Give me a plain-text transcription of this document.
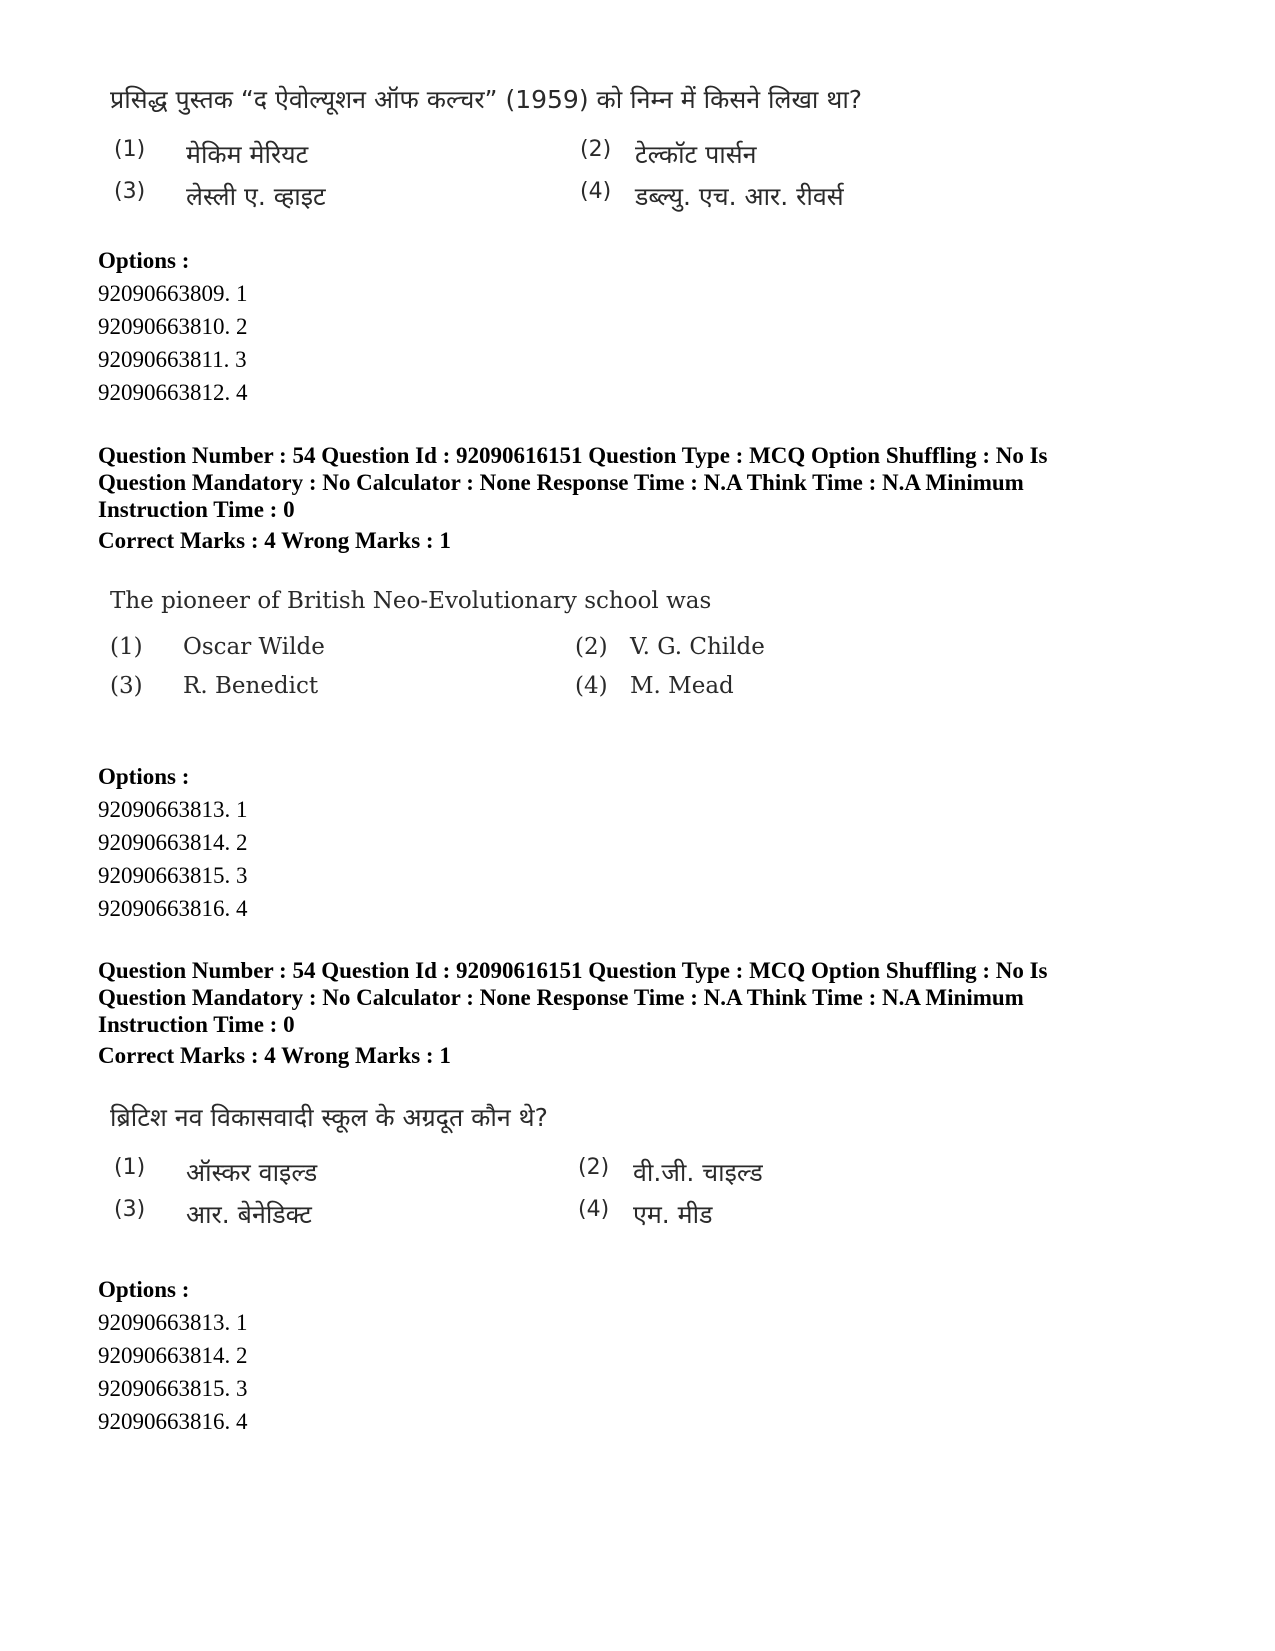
प्रसिद्ध पुस्तक “द ऐवोल्यूशन ऑफ कल्चर” (1959) को निम्न में किसने लिखा था?
(1) मेकिम मेरियट	(2) टेल्कॉट पार्सन
(3) लेस्ली ए. व्हाइट	(4) डब्ल्यु. एच. आर. रीवर्स
Options :
92090663809. 1
92090663810. 2
92090663811. 3
92090663812. 4
Question Number : 54 Question Id : 92090616151 Question Type : MCQ Option Shuffling : No Is Question Mandatory : No Calculator : None Response Time : N.A Think Time : N.A Minimum Instruction Time : 0
Correct Marks : 4 Wrong Marks : 1
The pioneer of British Neo-Evolutionary school was
(1) Oscar Wilde	(2) V. G. Childe
(3) R. Benedict	(4) M. Mead
Options :
92090663813. 1
92090663814. 2
92090663815. 3
92090663816. 4
Question Number : 54 Question Id : 92090616151 Question Type : MCQ Option Shuffling : No Is Question Mandatory : No Calculator : None Response Time : N.A Think Time : N.A Minimum Instruction Time : 0
Correct Marks : 4 Wrong Marks : 1
ब्रिटिश नव विकासवादी स्कूल के अग्रदूत कौन थे?
(1) ऑस्कर वाइल्ड	(2) वी.जी. चाइल्ड
(3) आर. बेनेडिक्ट	(4) एम. मीड
Options :
92090663813. 1
92090663814. 2
92090663815. 3
92090663816. 4
